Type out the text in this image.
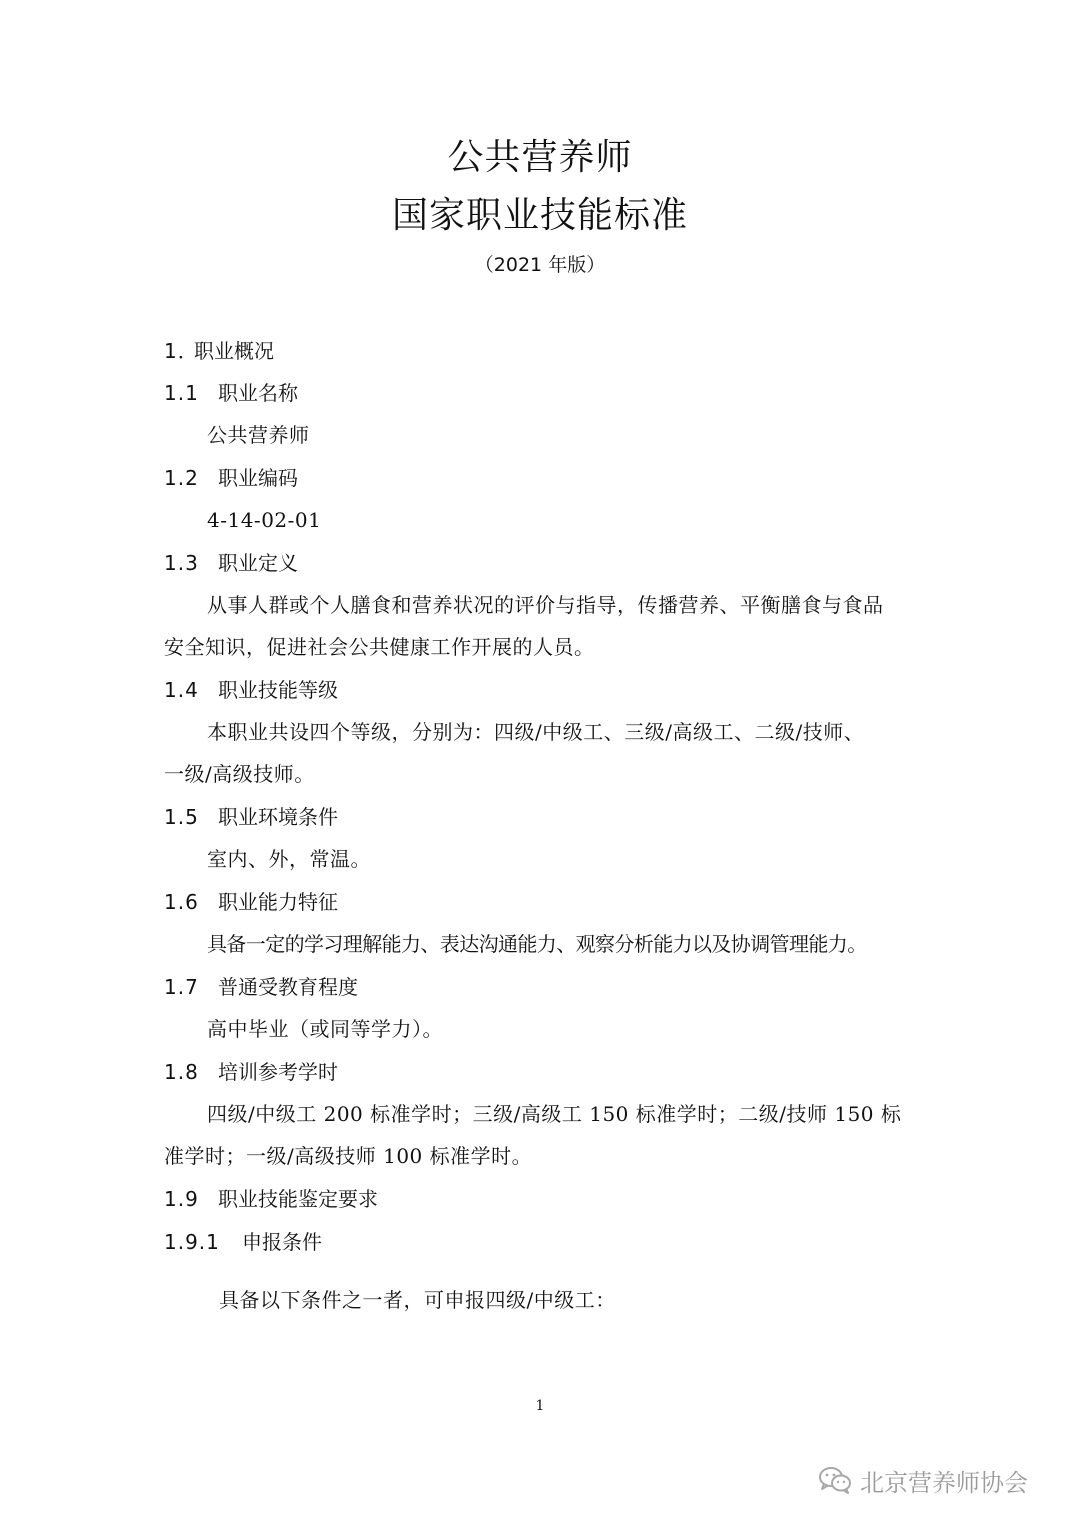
公共营养师
国家职业技能标准
（2021 年版）
1．职业概况
1.1 职业名称
公共营养师
1.2 职业编码
4-14-02-01
1.3 职业定义
从事人群或个人膳食和营养状况的评价与指导，传播营养、平衡膳食与食品
安全知识，促进社会公共健康工作开展的人员。
1.4 职业技能等级
本职业共设四个等级，分别为：四级/中级工、三级/高级工、二级/技师、
一级/高级技师。
1.5 职业环境条件
室内、外，常温。
1.6 职业能力特征
具备一定的学习理解能力、表达沟通能力、观察分析能力以及协调管理能力。
1.7 普通受教育程度
高中毕业（或同等学力）。
1.8 培训参考学时
四级/中级工 200 标准学时；三级/高级工 150 标准学时；二级/技师 150 标
准学时；一级/高级技师 100 标准学时。
1.9 职业技能鉴定要求
1.9.1 申报条件
具备以下条件之一者，可申报四级/中级工：
1
北京营养师协会
